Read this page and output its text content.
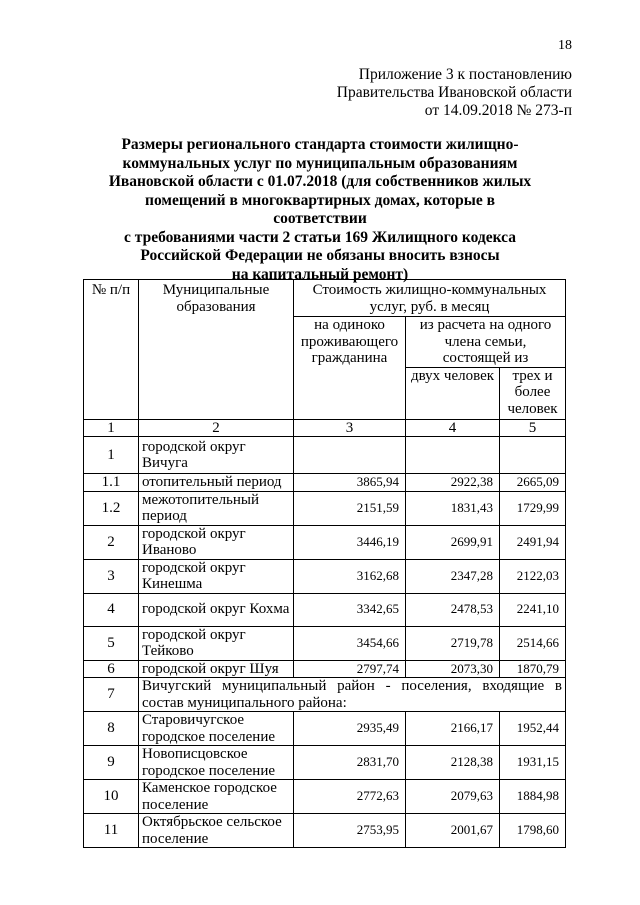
18
Приложение 3 к постановлению
Правительства Ивановской области
от 14.09.2018 № 273-п
Размеры регионального стандарта стоимости жилищно-
коммунальных услуг по муниципальным образованиям
Ивановской области с 01.07.2018 (для собственников жилых
помещений в многоквартирных домах, которые в соответствии
с требованиями части 2 статьи 169 Жилищного кодекса
Российской Федерации не обязаны вносить взносы
на капитальный ремонт)
№ п/п	Муниципальные образования	Стоимость жилищно-коммунальных услуг, руб. в месяц		
		на одиноко проживающего гражданина	из расчета на одного члена семьи, состоящей из	
			двух человек	трех и более человек
1	2	3	4	5
1	городской округ Вичуга			
1.1	отопительный период	3865,94	2922,38	2665,09
1.2	межотопительный период	2151,59	1831,43	1729,99
2	городской округ Иваново	3446,19	2699,91	2491,94
3	городской округ Кинешма	3162,68	2347,28	2122,03
4	городской округ Кохма	3342,65	2478,53	2241,10
5	городской округ Тейково	3454,66	2719,78	2514,66
6	городской округ Шуя	2797,74	2073,30	1870,79
7	Вичугский муниципальный район - поселения, входящие в
состав муниципального района:			

8	Старовичугское городское поселение	2935,49	2166,17	1952,44
9	Новописцовское городское поселение	2831,70	2128,38	1931,15
10	Каменское городское поселение	2772,63	2079,63	1884,98
11	Октябрьское сельское поселение	2753,95	2001,67	1798,60
